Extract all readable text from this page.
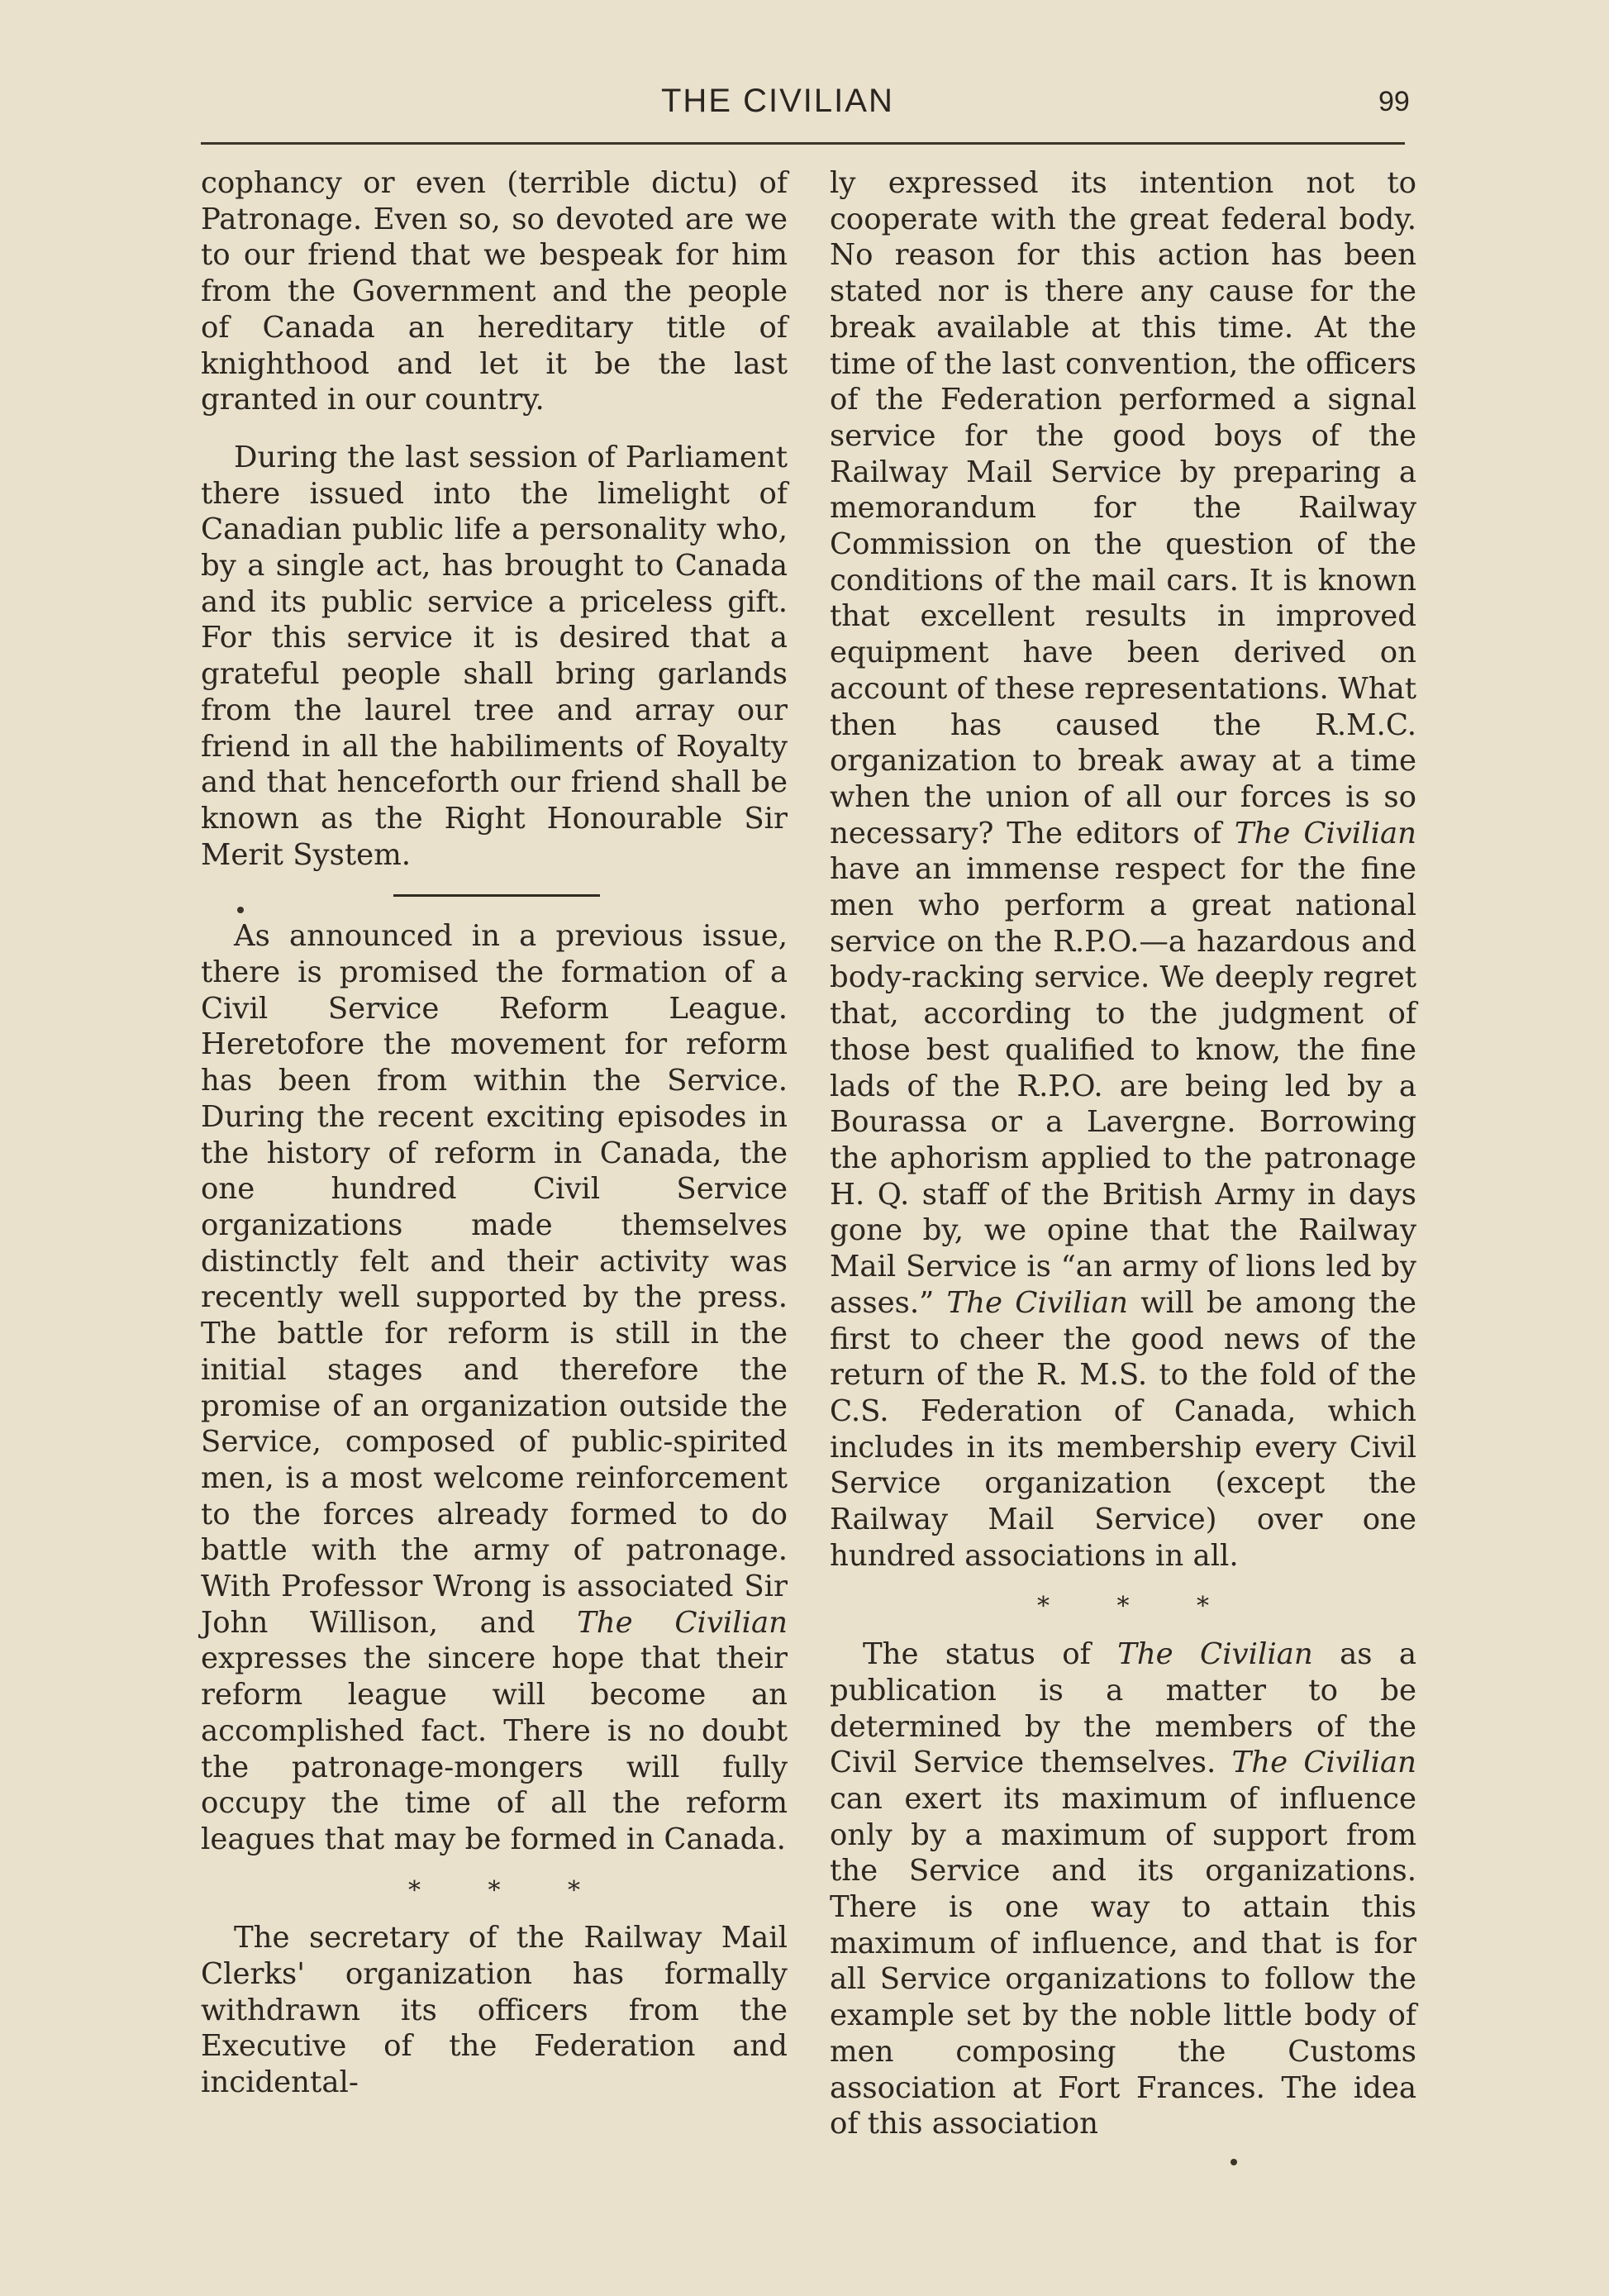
THE CIVILIAN	99

cophancy or even (terrible dictu) of Patronage. Even so, so devoted are we to our friend that we bespeak for him from the Government and the people of Canada an hereditary title of knighthood and let it be the last granted in our country.

During the last session of Parliament there issued into the limelight of Canadian public life a personality who, by a single act, has brought to Canada and its public service a priceless gift. For this service it is desired that a grateful people shall bring garlands from the laurel tree and array our friend in all the habiliments of Royalty and that henceforth our friend shall be known as the Right Honourable Sir Merit System.

As announced in a previous issue, there is promised the formation of a Civil Service Reform League. Heretofore the movement for reform has been from within the Service. During the recent exciting episodes in the history of reform in Canada, the one hundred Civil Service organizations made themselves distinctly felt and their activity was recently well supported by the press. The battle for reform is still in the initial stages and therefore the promise of an organization outside the Service, composed of public-spirited men, is a most welcome reinforcement to the forces already formed to do battle with the army of patronage. With Professor Wrong is associated Sir John Willison, and The Civilian expresses the sincere hope that their reform league will become an accomplished fact. There is no doubt the patronage-mongers will fully occupy the time of all the reform leagues that may be formed in Canada.

* * *

The secretary of the Railway Mail Clerks' organization has formally withdrawn its officers from the Executive of the Federation and incidental-

ly expressed its intention not to cooperate with the great federal body. No reason for this action has been stated nor is there any cause for the break available at this time. At the time of the last convention, the officers of the Federation performed a signal service for the good boys of the Railway Mail Service by preparing a memorandum for the Railway Commission on the question of the conditions of the mail cars. It is known that excellent results in improved equipment have been derived on account of these representations. What then has caused the R.M.C. organization to break away at a time when the union of all our forces is so necessary? The editors of The Civilian have an immense respect for the fine men who perform a great national service on the R.P.O.—a hazardous and body-racking service. We deeply regret that, according to the judgment of those best qualified to know, the fine lads of the R.P.O. are being led by a Bourassa or a Lavergne. Borrowing the aphorism applied to the patronage H. Q. staff of the British Army in days gone by, we opine that the Railway Mail Service is “an army of lions led by asses.” The Civilian will be among the first to cheer the good news of the return of the R. M.S. to the fold of the C.S. Federation of Canada, which includes in its membership every Civil Service organization (except the Railway Mail Service) over one hundred associations in all.

* * *

The status of The Civilian as a publication is a matter to be determined by the members of the Civil Service themselves. The Civilian can exert its maximum of influence only by a maximum of support from the Service and its organizations. There is one way to attain this maximum of influence, and that is for all Service organizations to follow the example set by the noble little body of men composing the Customs association at Fort Frances. The idea of this association
